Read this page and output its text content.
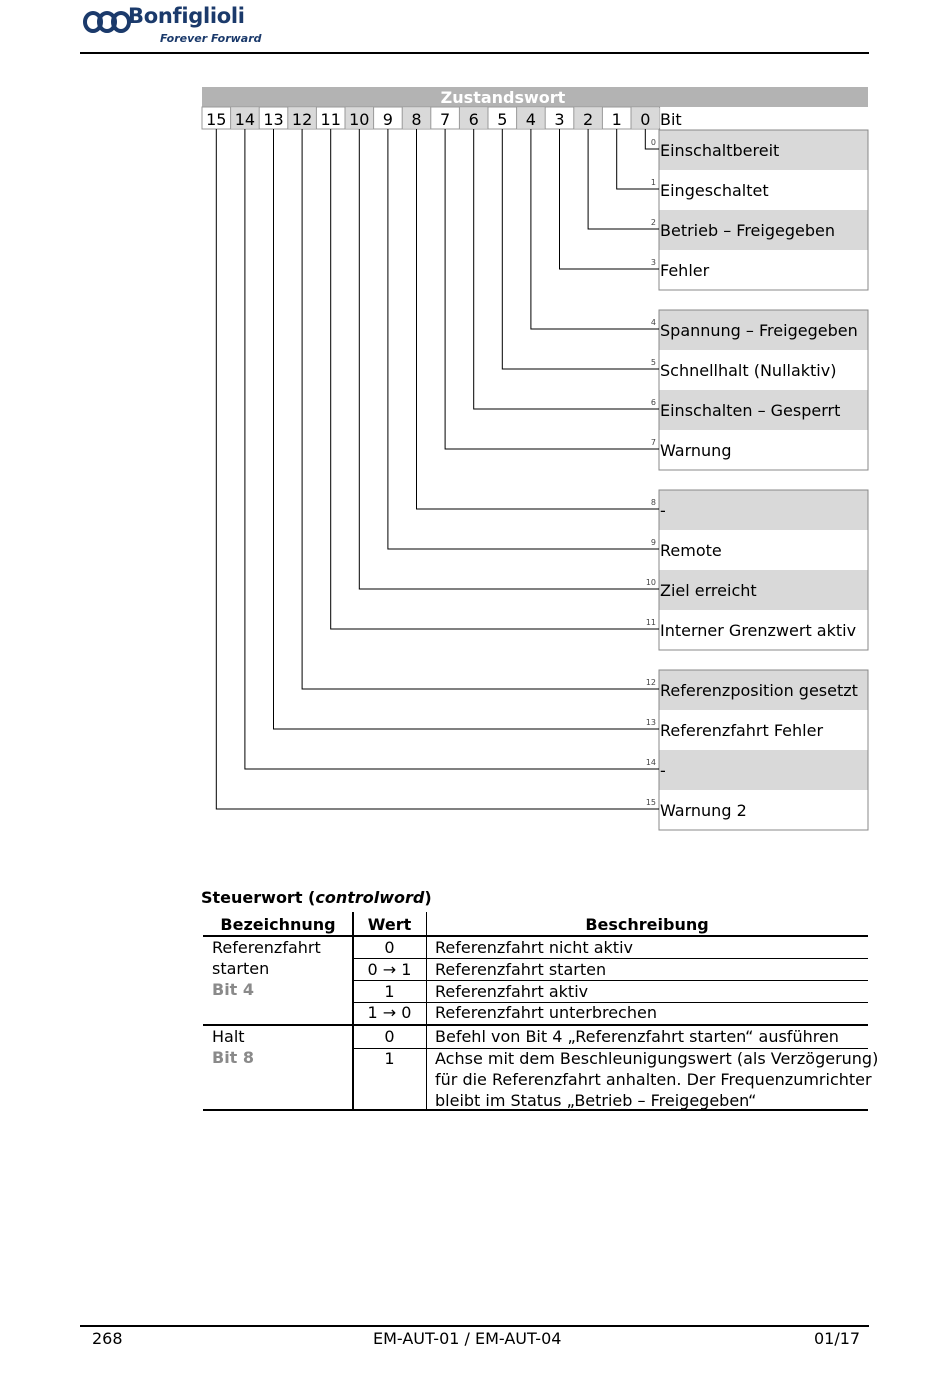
Bonfiglioli
Forever Forward
Zustandswort
15 14 13 12 11 10 9 8 7 6 5 4 3 2 1 0 Bit
0 Einschaltbereit
1 Eingeschaltet
2 Betrieb – Freigegeben
3 Fehler
4 Spannung – Freigegeben
5 Schnellhalt (Nullaktiv)
6 Einschalten – Gesperrt
7 Warnung
8 -
9 Remote
10 Ziel erreicht
11 Interner Grenzwert aktiv
12 Referenzposition gesetzt
13 Referenzfahrt Fehler
14 -
15 Warnung 2
Steuerwort (controlword)
Bezeichnung	Wert	Beschreibung
Referenzfahrt
starten
Bit 4
0	Referenzfahrt nicht aktiv
0 → 1	Referenzfahrt starten
1	Referenzfahrt aktiv
1 → 0	Referenzfahrt unterbrechen
Halt
Bit 8
0	Befehl von Bit 4 „Referenzfahrt starten“ ausführen
1	Achse mit dem Beschleunigungswert (als Verzögerung)
für die Referenzfahrt anhalten. Der Frequenzumrichter
bleibt im Status „Betrieb – Freigegeben“
268	EM-AUT-01 / EM-AUT-04	01/17
